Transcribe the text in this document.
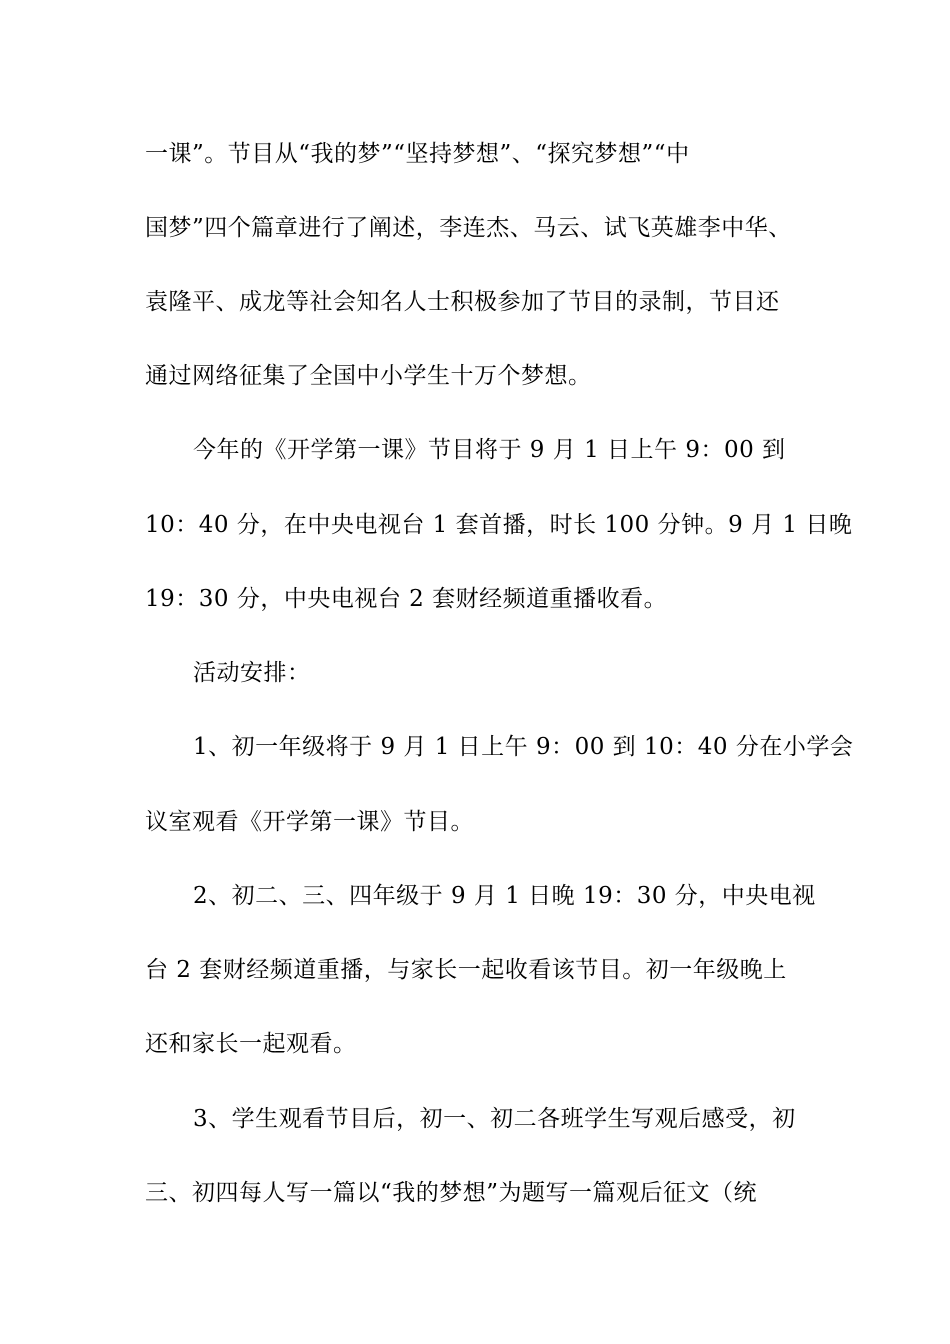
一课”。节目从“我的梦”“坚持梦想”、“探究梦想”“中
国梦”四个篇章进行了阐述，李连杰、马云、试飞英雄李中华、
袁隆平、成龙等社会知名人士积极参加了节目的录制，节目还
通过网络征集了全国中小学生十万个梦想。
今年的《开学第一课》节目将于 9 月 1 日上午 9：00 到
10：40 分，在中央电视台 1 套首播，时长 100 分钟。9 月 1 日晚
19：30 分，中央电视台 2 套财经频道重播收看。
活动安排：
1、初一年级将于 9 月 1 日上午 9：00 到 10：40 分在小学会
议室观看《开学第一课》节目。
2、初二、三、四年级于 9 月 1 日晚 19：30 分，中央电视
台 2 套财经频道重播，与家长一起收看该节目。初一年级晚上
还和家长一起观看。
3、学生观看节目后，初一、初二各班学生写观后感受，初
三、初四每人写一篇以“我的梦想”为题写一篇观后征文（统
